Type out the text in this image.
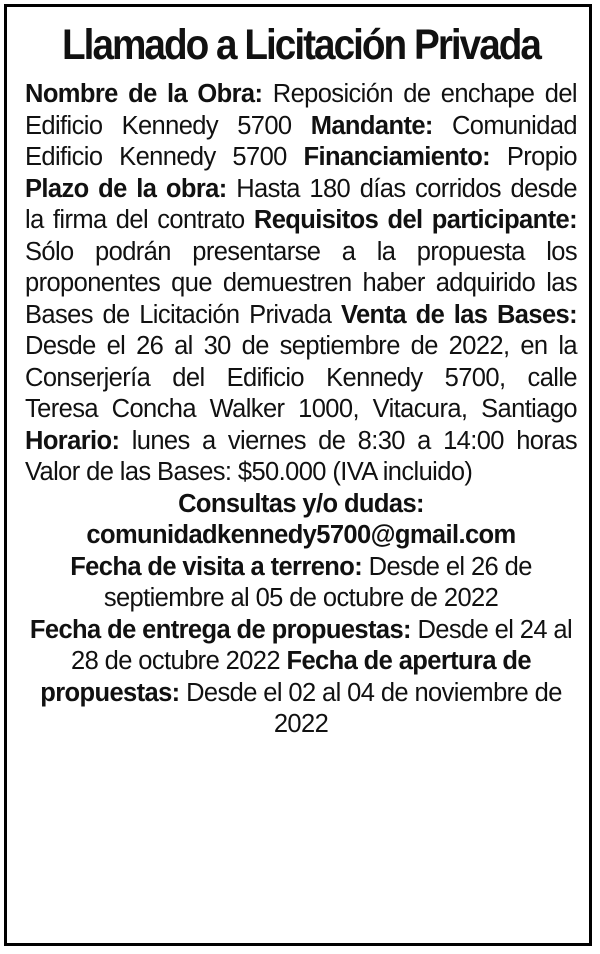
Llamado a Licitación Privada

Nombre de la Obra: Reposición de enchape del Edificio Kennedy 5700 Mandante: Comunidad Edificio Kennedy 5700 Financiamiento: Propio Plazo de la obra: Hasta 180 días corridos desde la firma del contrato Requisitos del participante: Sólo podrán presentarse a la propuesta los proponentes que demuestren haber adquirido las Bases de Licitación Privada Venta de las Bases: Desde el 26 al 30 de septiembre de 2022, en la Conserjería del Edificio Kennedy 5700, calle Teresa Concha Walker 1000, Vitacura, Santiago Horario: lunes a viernes de 8:30 a 14:00 horas Valor de las Bases: $50.000 (IVA incluido)

Consultas y/o dudas:
comunidadkennedy5700@gmail.com
Fecha de visita a terreno: Desde el 26 de septiembre al 05 de octubre de 2022
Fecha de entrega de propuestas: Desde el 24 al 28 de octubre 2022 Fecha de apertura de propuestas: Desde el 02 al 04 de noviembre de 2022
